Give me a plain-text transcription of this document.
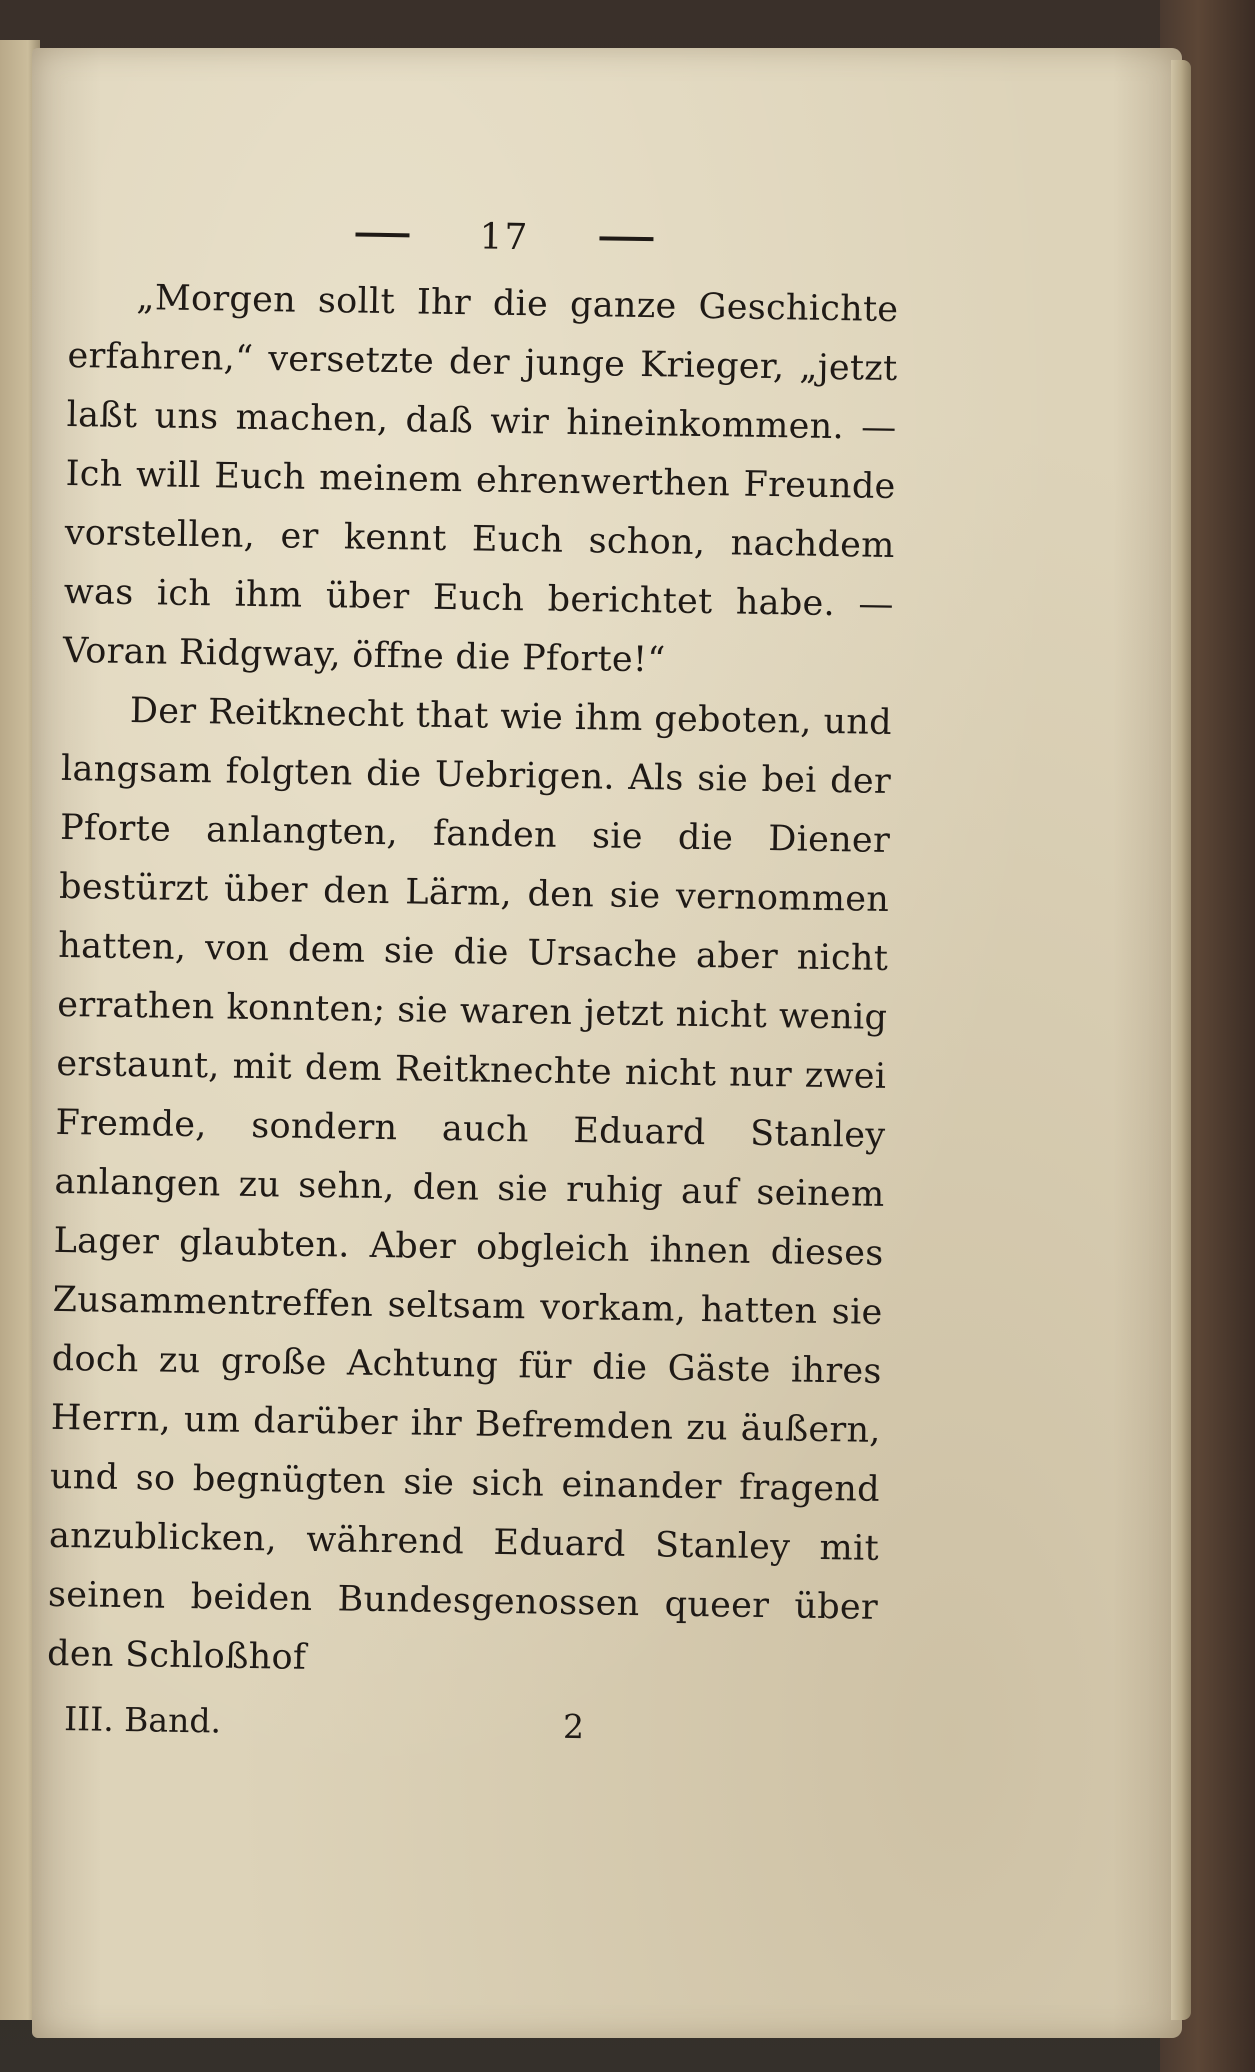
17

„Morgen sollt Ihr die ganze Geschichte erfahren,“ versetzte der junge Krieger, „jetzt laßt uns machen, daß wir hineinkommen. — Ich will Euch meinem ehrenwerthen Freunde vorstellen, er kennt Euch schon, nachdem was ich ihm über Euch berichtet habe. — Voran Ridgway, öffne die Pforte!“

Der Reitknecht that wie ihm geboten, und langsam folgten die Uebrigen. Als sie bei der Pforte anlangten, fanden sie die Diener bestürzt über den Lärm, den sie vernommen hatten, von dem sie die Ursache aber nicht errathen konnten; sie waren jetzt nicht wenig erstaunt, mit dem Reitknechte nicht nur zwei Fremde, sondern auch Eduard Stanley anlangen zu sehn, den sie ruhig auf seinem Lager glaubten. Aber obgleich ihnen dieses Zusammentreffen seltsam vorkam, hatten sie doch zu große Achtung für die Gäste ihres Herrn, um darüber ihr Befremden zu äußern, und so begnügten sie sich einander fragend anzublicken, während Eduard Stanley mit seinen beiden Bundesgenossen queer über den Schloßhof

III. Band.	2
